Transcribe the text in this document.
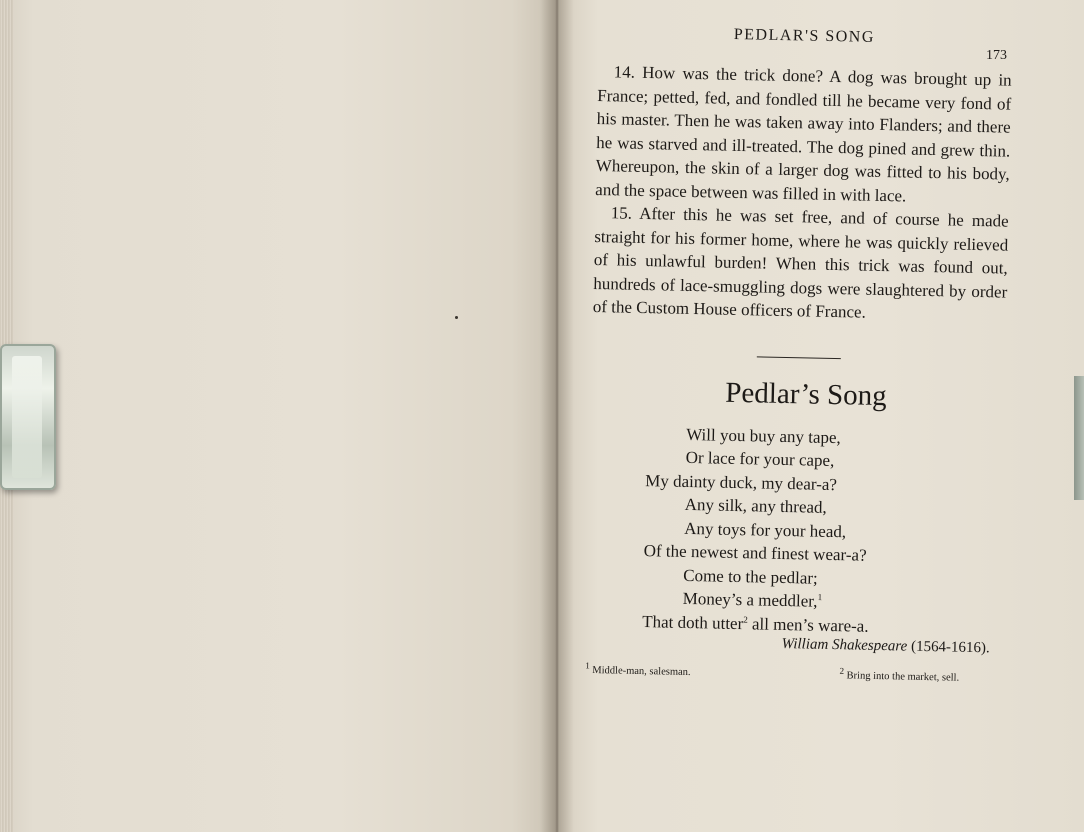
PEDLAR'S SONG
173

14. How was the trick done? A dog was brought up in France; petted, fed, and fondled till he became very fond of his master. Then he was taken away into Flanders; and there he was starved and ill-treated. The dog pined and grew thin. Whereupon, the skin of a larger dog was fitted to his body, and the space between was filled in with lace.

15. After this he was set free, and of course he made straight for his former home, where he was quickly relieved of his unlawful burden! When this trick was found out, hundreds of lace-smuggling dogs were slaughtered by order of the Custom House officers of France.

Pedlar’s Song
Will you buy any tape,
Or lace for your cape,
My dainty duck, my dear-a?
Any silk, any thread,
Any toys for your head,
Of the newest and finest wear-a?
Come to the pedlar;
Money’s a meddler,$^1$
That doth utter$^2$ all men’s ware-a.
William Shakespeare (1564-1616).
$^1$ Middle-man, salesman.	$^2$ Bring into the market, sell.
